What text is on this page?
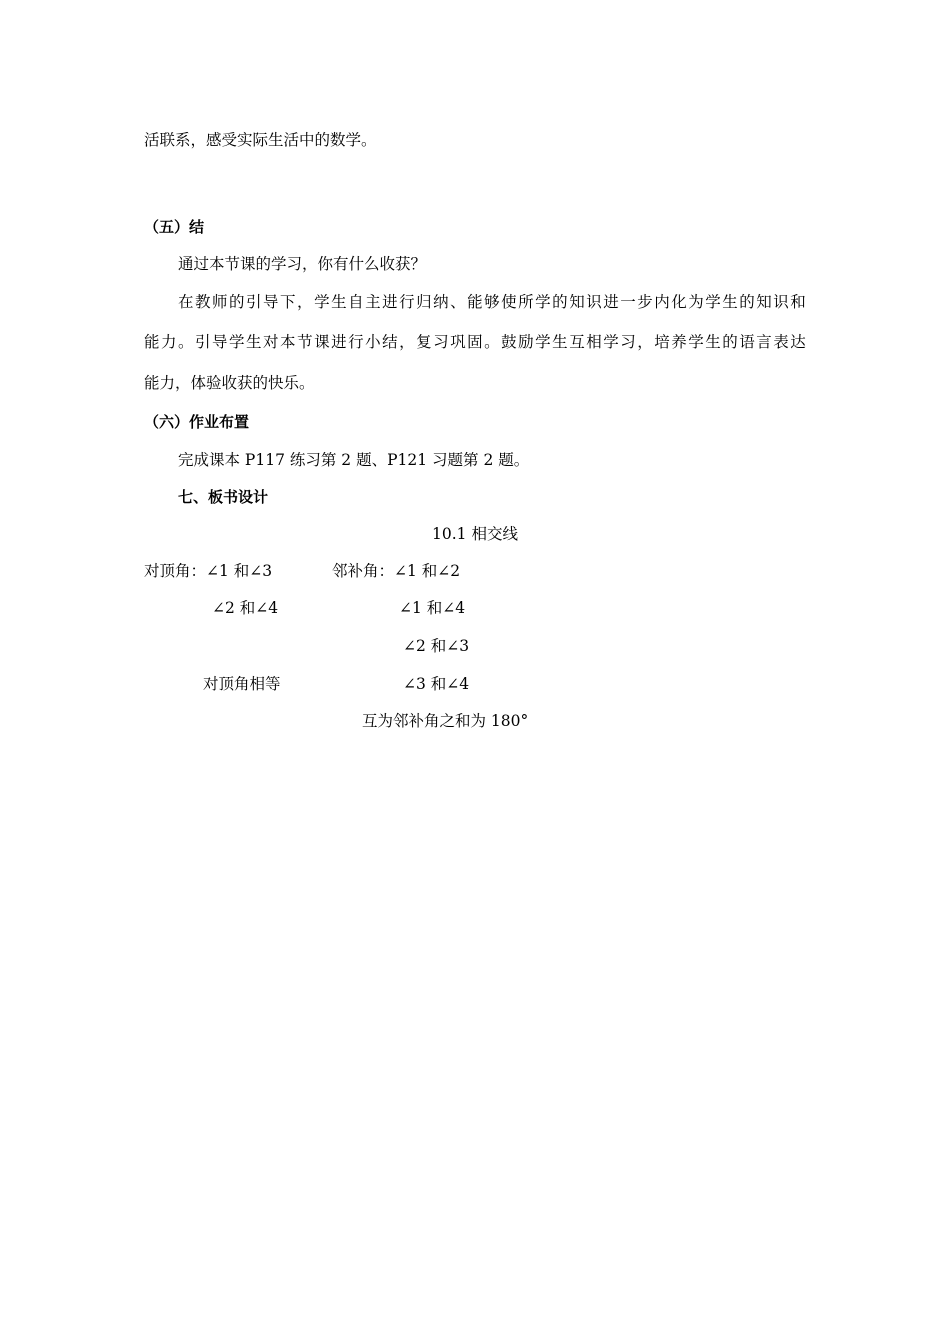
活联系，感受实际生活中的数学。
（五）结
通过本节课的学习，你有什么收获？
在教师的引导下，学生自主进行归纳、能够使所学的知识进一步内化为学生的知识和
能力。引导学生对本节课进行小结，复习巩固。鼓励学生互相学习，培养学生的语言表达
能力，体验收获的快乐。
（六）作业布置
完成课本 P117 练习第 2 题、P121 习题第 2 题。
七、板书设计
10.1 相交线
对顶角：∠1 和∠3	邻补角：∠1 和∠2
∠2 和∠4	∠1 和∠4
∠2 和∠3
对顶角相等	∠3 和∠4
互为邻补角之和为 180°
